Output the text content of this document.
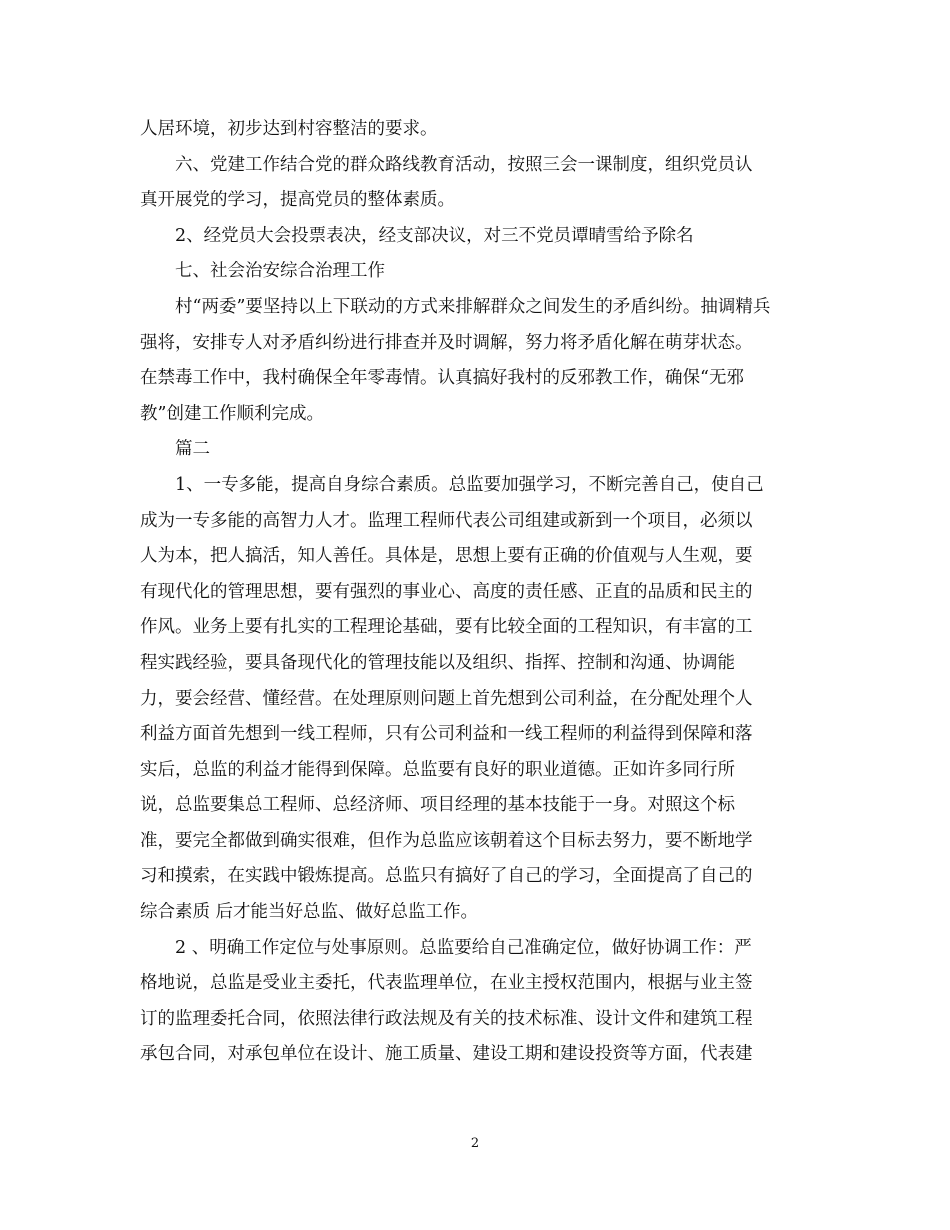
人居环境，初步达到村容整洁的要求。
六、党建工作结合党的群众路线教育活动，按照三会一课制度，组织党员认
真开展党的学习，提高党员的整体素质。
2、经党员大会投票表决，经支部决议，对三不党员谭晴雪给予除名
七、社会治安综合治理工作
村“两委”要坚持以上下联动的方式来排解群众之间发生的矛盾纠纷。抽调精兵
强将，安排专人对矛盾纠纷进行排查并及时调解，努力将矛盾化解在萌芽状态。
在禁毒工作中，我村确保全年零毒情。认真搞好我村的反邪教工作，确保“无邪
教”创建工作顺利完成。
篇二
1、一专多能，提高自身综合素质。总监要加强学习，不断完善自己，使自己
成为一专多能的高智力人才。监理工程师代表公司组建或新到一个项目，必须以
人为本，把人搞活，知人善任。具体是，思想上要有正确的价值观与人生观，要
有现代化的管理思想，要有强烈的事业心、高度的责任感、正直的品质和民主的
作风。业务上要有扎实的工程理论基础，要有比较全面的工程知识，有丰富的工
程实践经验，要具备现代化的管理技能以及组织、指挥、控制和沟通、协调能
力，要会经营、懂经营。在处理原则问题上首先想到公司利益，在分配处理个人
利益方面首先想到一线工程师，只有公司利益和一线工程师的利益得到保障和落
实后，总监的利益才能得到保障。总监要有良好的职业道德。正如许多同行所
说，总监要集总工程师、总经济师、项目经理的基本技能于一身。对照这个标
准，要完全都做到确实很难，但作为总监应该朝着这个目标去努力，要不断地学
习和摸索，在实践中锻炼提高。总监只有搞好了自己的学习，全面提高了自己的
综合素质 后才能当好总监、做好总监工作。
2 、明确工作定位与处事原则。总监要给自己准确定位，做好协调工作：严
格地说，总监是受业主委托，代表监理单位，在业主授权范围内，根据与业主签
订的监理委托合同，依照法律行政法规及有关的技术标准、设计文件和建筑工程
承包合同，对承包单位在设计、施工质量、建设工期和建设投资等方面，代表建
2
